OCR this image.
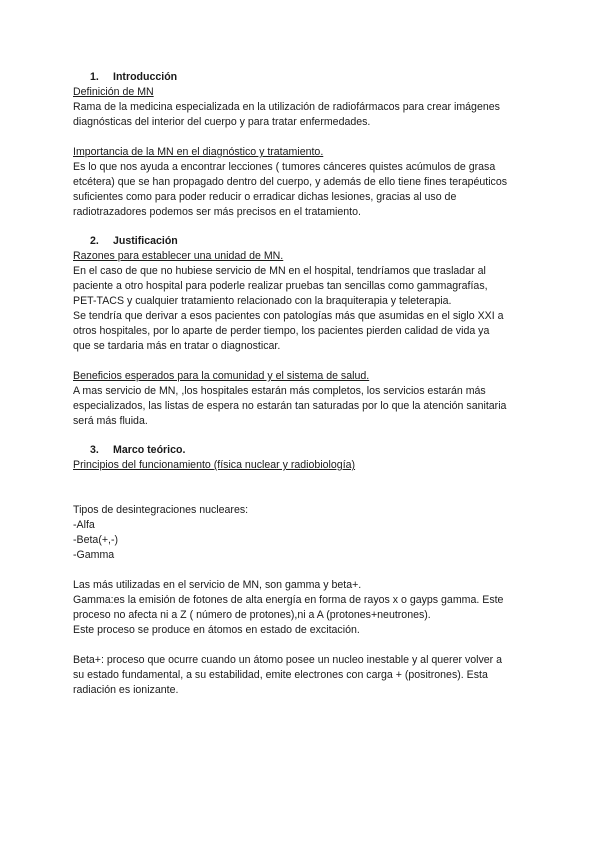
1. Introducción
Definición de MN

Rama de la medicina especializada en la utilización de radiofármacos para crear imágenes
diagnósticas del interior del cuerpo y para tratar enfermedades.

Importancia de la MN en el diagnóstico y tratamiento.

Es lo que nos ayuda a encontrar lecciones ( tumores cánceres quistes acúmulos de grasa
etcétera) que se han propagado dentro del cuerpo, y además de ello tiene fines terapéuticos
suficientes como para poder reducir o erradicar dichas lesiones, gracias al uso de
radiotrazadores podemos ser más precisos en el tratamiento.

2. Justificación
Razones para establecer una unidad de MN.

En el caso de que no hubiese servicio de MN en el hospital, tendríamos que trasladar al
paciente a otro hospital para poderle realizar pruebas tan sencillas como gammagrafías,
PET-TACS y cualquier tratamiento relacionado con la braquiterapia y teleterapia.
Se tendría que derivar a esos pacientes con patologías más que asumidas en el siglo XXI a
otros hospitales, por lo aparte de perder tiempo, los pacientes pierden calidad de vida ya
que se tardaria más en tratar o diagnosticar.

Beneficios esperados para la comunidad y el sistema de salud.

A mas servicio de MN, ,los hospitales estarán más completos, los servicios estarán más
especializados, las listas de espera no estarán tan saturadas por lo que la atención sanitaria
será más fluida.

3. Marco teórico.
Principios del funcionamiento (física nuclear y radiobiología)

Tipos de desintegraciones nucleares:
-Alfa
-Beta(+,-)
-Gamma

Las más utilizadas en el servicio de MN, son gamma y beta+.
Gamma:es la emisión de fotones de alta energía en forma de rayos x o gayps gamma. Este
proceso no afecta ni a Z ( número de protones),ni a A (protones+neutrones).
Este proceso se produce en átomos en estado de excitación.

Beta+: proceso que ocurre cuando un átomo posee un nucleo inestable y al querer volver a
su estado fundamental, a su estabilidad, emite electrones con carga + (positrones). Esta
radiación es ionizante.
